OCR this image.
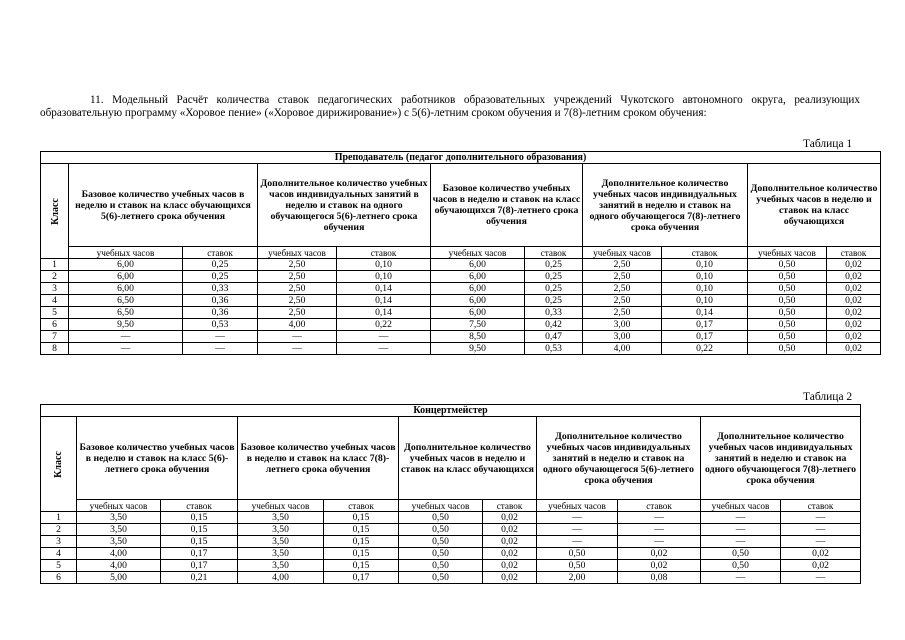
11. Модельный Расчёт количества ставок педагогических работников образовательных учреждений Чукотского автономного округа, реализующих образовательную программу «Хоровое пение» («Хоровое дирижирование») с 5(6)-летним сроком обучения и 7(8)-летним сроком обучения:
Таблица 1
Преподаватель (педагог дополнительного образования)										
Класс	Базовое количество учебных часов в неделю и ставок на класс обучающихся 5(6)-летнего срока обучения		Дополнительное количество учебных часов индивидуальных занятий в неделю и ставок на одного обучающегося 5(6)-летнего срока обучения		Базовое количество учебных часов в неделю и ставок на класс обучающихся 7(8)-летнего срока обучения		Дополнительное количество учебных часов индивидуальных занятий в неделю и ставок на одного обучающегося 7(8)-летнего срока обучения		Дополнительное количество учебных часов в неделю и ставок на класс обучающихся	
	учебных часов	ставок	учебных часов	ставок	учебных часов	ставок	учебных часов	ставок	учебных часов	ставок
1	6,00	0,25	2,50	0,10	6,00	0,25	2,50	0,10	0,50	0,02
2	6,00	0,25	2,50	0,10	6,00	0,25	2,50	0,10	0,50	0,02
3	6,00	0,33	2,50	0,14	6,00	0,25	2,50	0,10	0,50	0,02
4	6,50	0,36	2,50	0,14	6,00	0,25	2,50	0,10	0,50	0,02
5	6,50	0,36	2,50	0,14	6,00	0,33	2,50	0,14	0,50	0,02
6	9,50	0,53	4,00	0,22	7,50	0,42	3,00	0,17	0,50	0,02
7	—	—	—	—	8,50	0,47	3,00	0,17	0,50	0,02
8	—	—	—	—	9,50	0,53	4,00	0,22	0,50	0,02
Таблица 2
Концертмейстер										
Класс	Базовое количество учебных часов в неделю и ставок на класс 5(6)-летнего срока обучения		Базовое количество учебных часов в неделю и ставок на класс 7(8)-летнего срока обучения		Дополнительное количество учебных часов в неделю и ставок на класс обучающихся		Дополнительное количество учебных часов индивидуальных занятий в неделю и ставок на одного обучающегося 5(6)-летнего срока обучения		Дополнительное количество учебных часов индивидуальных занятий в неделю и ставок на одного обучающегося 7(8)-летнего срока обучения	
	учебных часов	ставок	учебных часов	ставок	учебных часов	ставок	учебных часов	ставок	учебных часов	ставок
1	3,50	0,15	3,50	0,15	0,50	0,02	—	—	—	—
2	3,50	0,15	3,50	0,15	0,50	0,02	—	—	—	—
3	3,50	0,15	3,50	0,15	0,50	0,02	—	—	—	—
4	4,00	0,17	3,50	0,15	0,50	0,02	0,50	0,02	0,50	0,02
5	4,00	0,17	3,50	0,15	0,50	0,02	0,50	0,02	0,50	0,02
6	5,00	0,21	4,00	0,17	0,50	0,02	2,00	0,08	—	—
